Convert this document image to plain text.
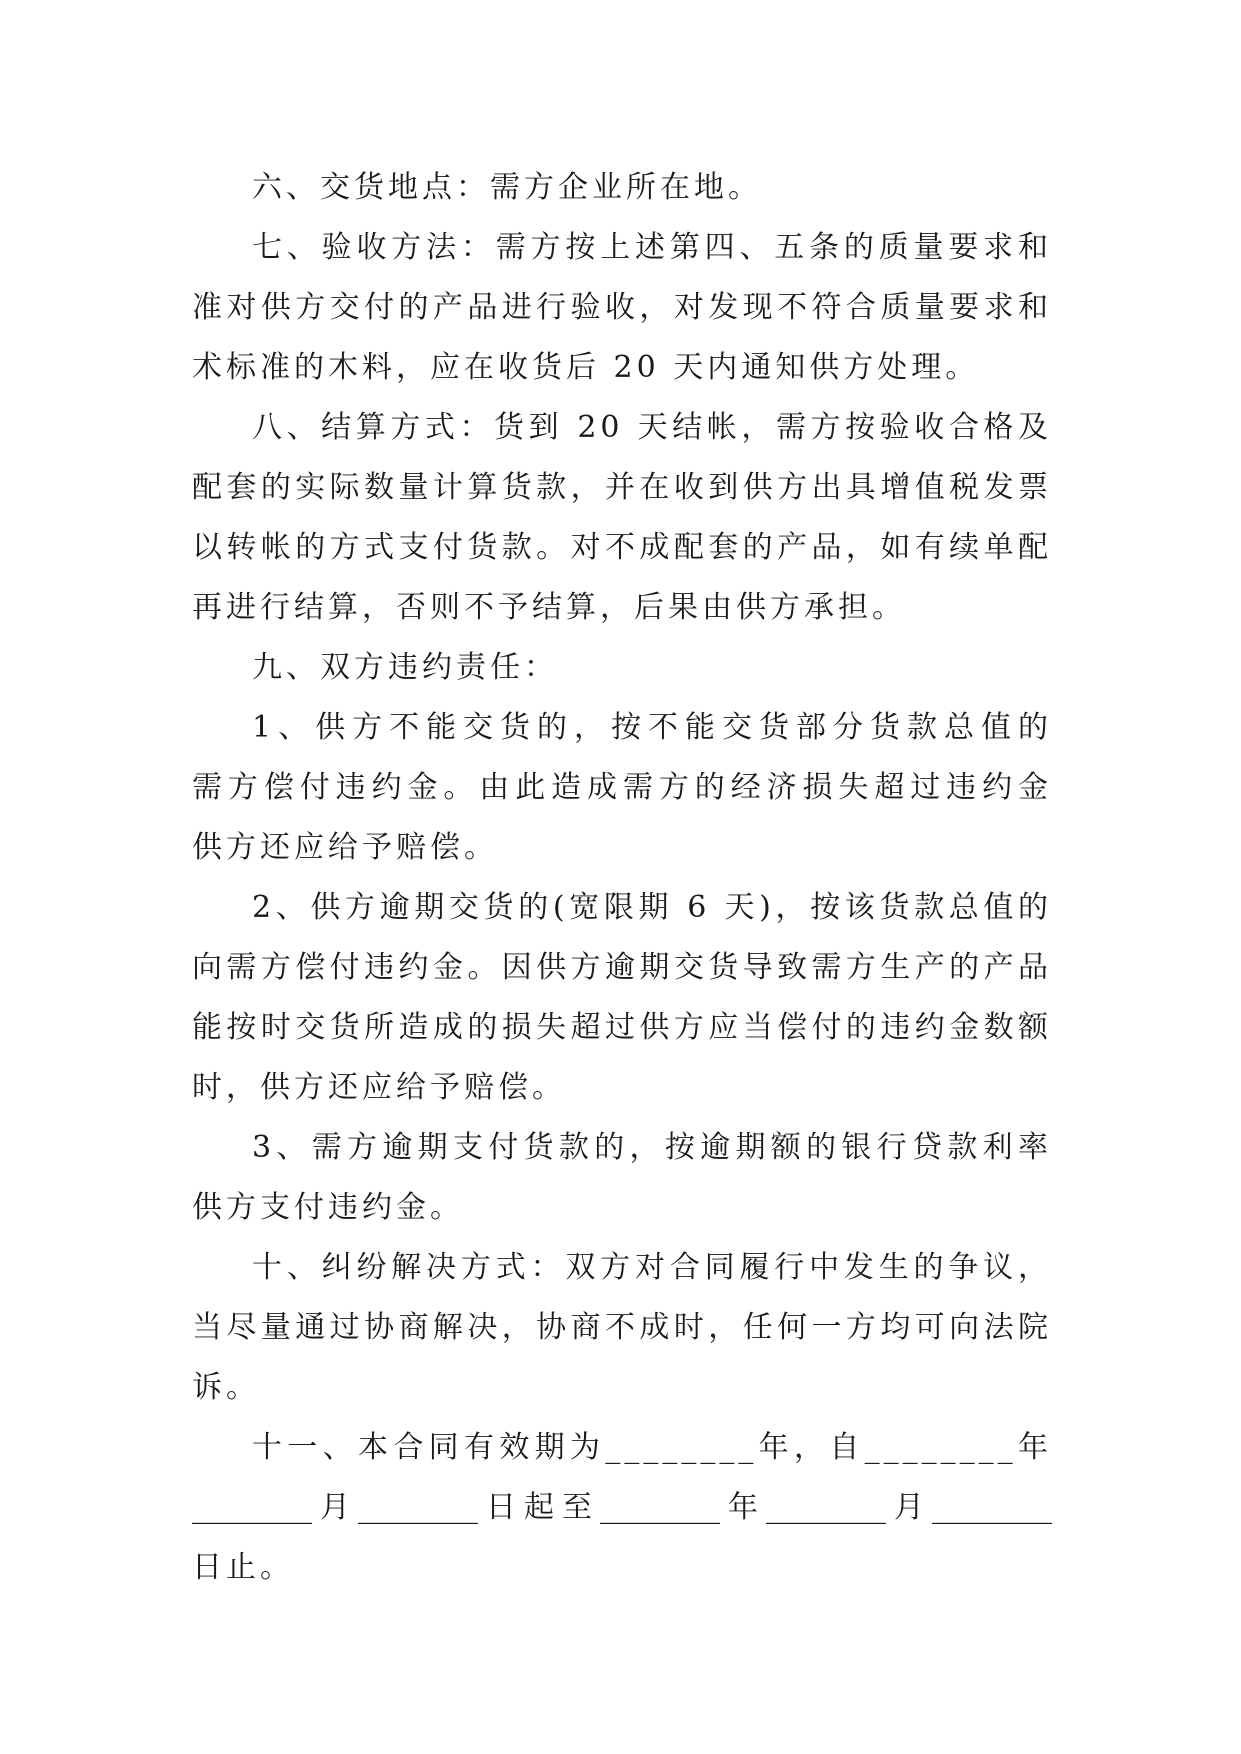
六、交货地点：需方企业所在地。
七、验收方法：需方按上述第四、五条的质量要求和
准对供方交付的产品进行验收，对发现不符合质量要求和
术标准的木料，应在收货后 20 天内通知供方处理。
八、结算方式：货到 20 天结帐，需方按验收合格及
配套的实际数量计算货款，并在收到供方出具增值税发票
以转帐的方式支付货款。对不成配套的产品，如有续单配
再进行结算，否则不予结算，后果由供方承担。
九、双方违约责任：
1、供方不能交货的，按不能交货部分货款总值的
需方偿付违约金。由此造成需方的经济损失超过违约金
供方还应给予赔偿。
2、供方逾期交货的(宽限期 6 天)，按该货款总值的
向需方偿付违约金。因供方逾期交货导致需方生产的产品
能按时交货所造成的损失超过供方应当偿付的违约金数额
时，供方还应给予赔偿。
3、需方逾期支付货款的，按逾期额的银行贷款利率
供方支付违约金。
十、纠纷解决方式：双方对合同履行中发生的争议，
当尽量通过协商解决，协商不成时，任何一方均可向法院
诉。
十一、本合同有效期为________年，自________年
________月________日起至________年________月________
日止。
